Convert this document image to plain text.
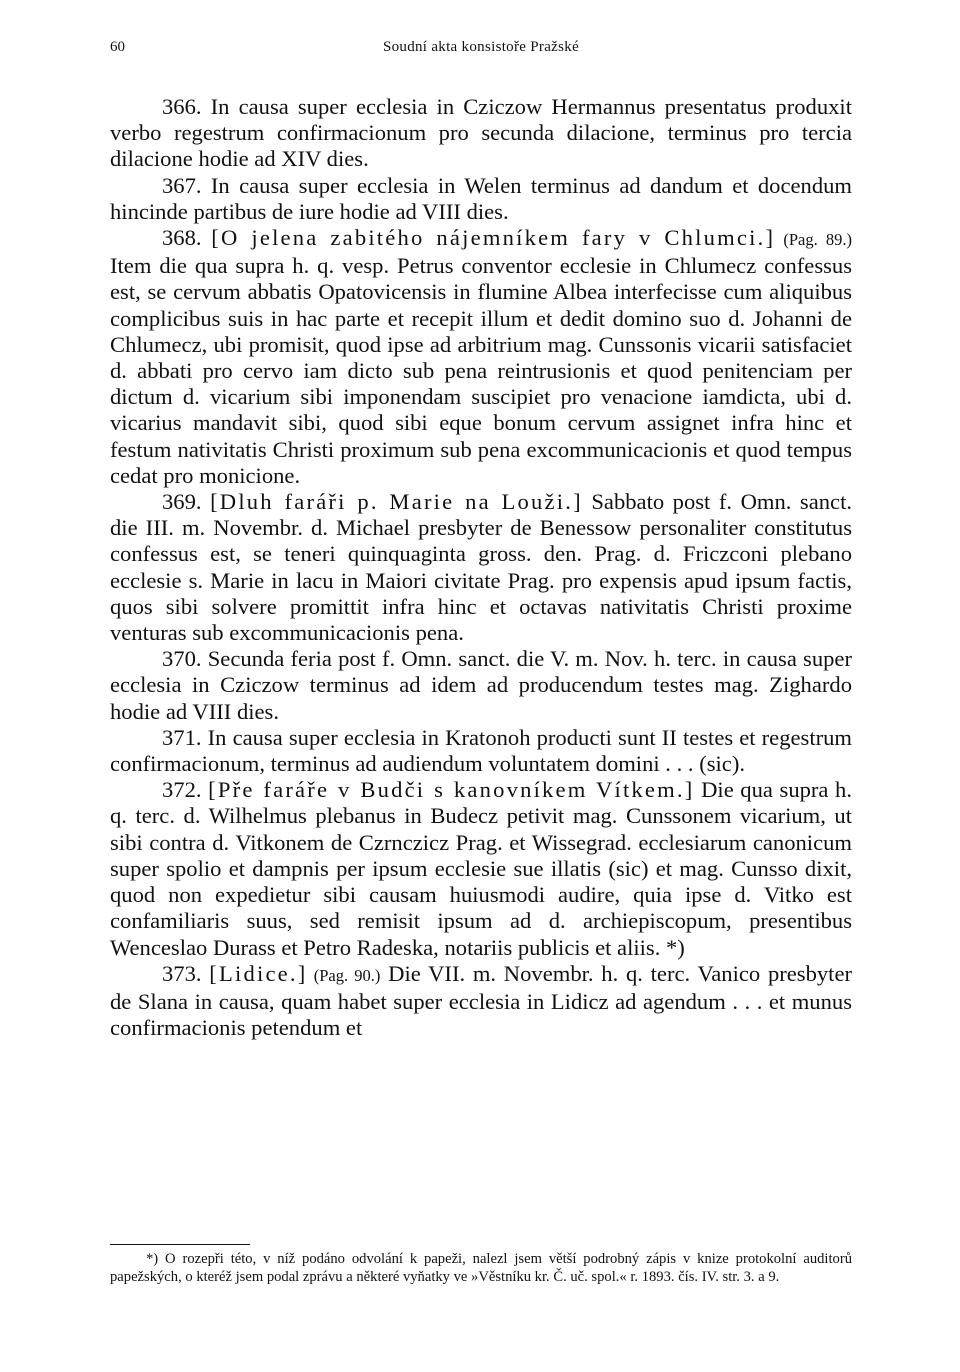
60	Soudní akta konsistoře Pražské

366. In causa super ecclesia in Cziczow Hermannus presentatus produxit verbo regestrum confirmacionum pro secunda dilacione, terminus pro tercia dilacione hodie ad XIV dies.

367. In causa super ecclesia in Welen terminus ad dandum et docendum hincinde partibus de iure hodie ad VIII dies.

368. [O jelena zabitého nájemníkem fary v Chlumci.] (Pag. 89.) Item die qua supra h. q. vesp. Petrus conventor ecclesie in Chlumecz confessus est, se cervum abbatis Opatovicensis in flumine Albea interfecisse cum aliquibus complicibus suis in hac parte et recepit illum et dedit domino suo d. Johanni de Chlumecz, ubi promisit, quod ipse ad arbitrium mag. Cunssonis vicarii satisfaciet d. abbati pro cervo iam dicto sub pena reintrusionis et quod penitenciam per dictum d. vicarium sibi imponendam suscipiet pro venacione iamdicta, ubi d. vicarius mandavit sibi, quod sibi eque bonum cervum assignet infra hinc et festum nativitatis Christi proximum sub pena excommunicacionis et quod tempus cedat pro monicione.

369. [Dluh faráři p. Marie na Louži.] Sabbato post f. Omn. sanct. die III. m. Novembr. d. Michael presbyter de Benessow personaliter constitutus confessus est, se teneri quinquaginta gross. den. Prag. d. Friczconi plebano ecclesie s. Marie in lacu in Maiori civitate Prag. pro expensis apud ipsum factis, quos sibi solvere promittit infra hinc et octavas nativitatis Christi proxime venturas sub excommunicacionis pena.

370. Secunda feria post f. Omn. sanct. die V. m. Nov. h. terc. in causa super ecclesia in Cziczow terminus ad idem ad producendum testes mag. Zighardo hodie ad VIII dies.

371. In causa super ecclesia in Kratonoh producti sunt II testes et regestrum confirmacionum, terminus ad audiendum voluntatem domini . . . (sic).

372. [Pře faráře v Budči s kanovníkem Vítkem.] Die qua supra h. q. terc. d. Wilhelmus plebanus in Budecz petivit mag. Cunssonem vicarium, ut sibi contra d. Vitkonem de Czrnczicz Prag. et Wissegrad. ecclesiarum canonicum super spolio et dampnis per ipsum ecclesie sue illatis (sic) et mag. Cunsso dixit, quod non expedietur sibi causam huiusmodi audire, quia ipse d. Vitko est confamiliaris suus, sed remisit ipsum ad d. archiepiscopum, presentibus Wenceslao Durass et Petro Radeska, notariis publicis et aliis. *)

373. [Lidice.] (Pag. 90.) Die VII. m. Novembr. h. q. terc. Vanico presbyter de Slana in causa, quam habet super ecclesia in Lidicz ad agendum . . . et munus confirmacionis petendum et

*) O rozepři této, v níž podáno odvolání k papeži, nalezl jsem větší podrobný zápis v knize protokolní auditorů papežských, o kteréž jsem podal zprávu a některé vyňatky ve »Věstníku kr. Č. uč. spol.« r. 1893. čís. IV. str. 3. a 9.
